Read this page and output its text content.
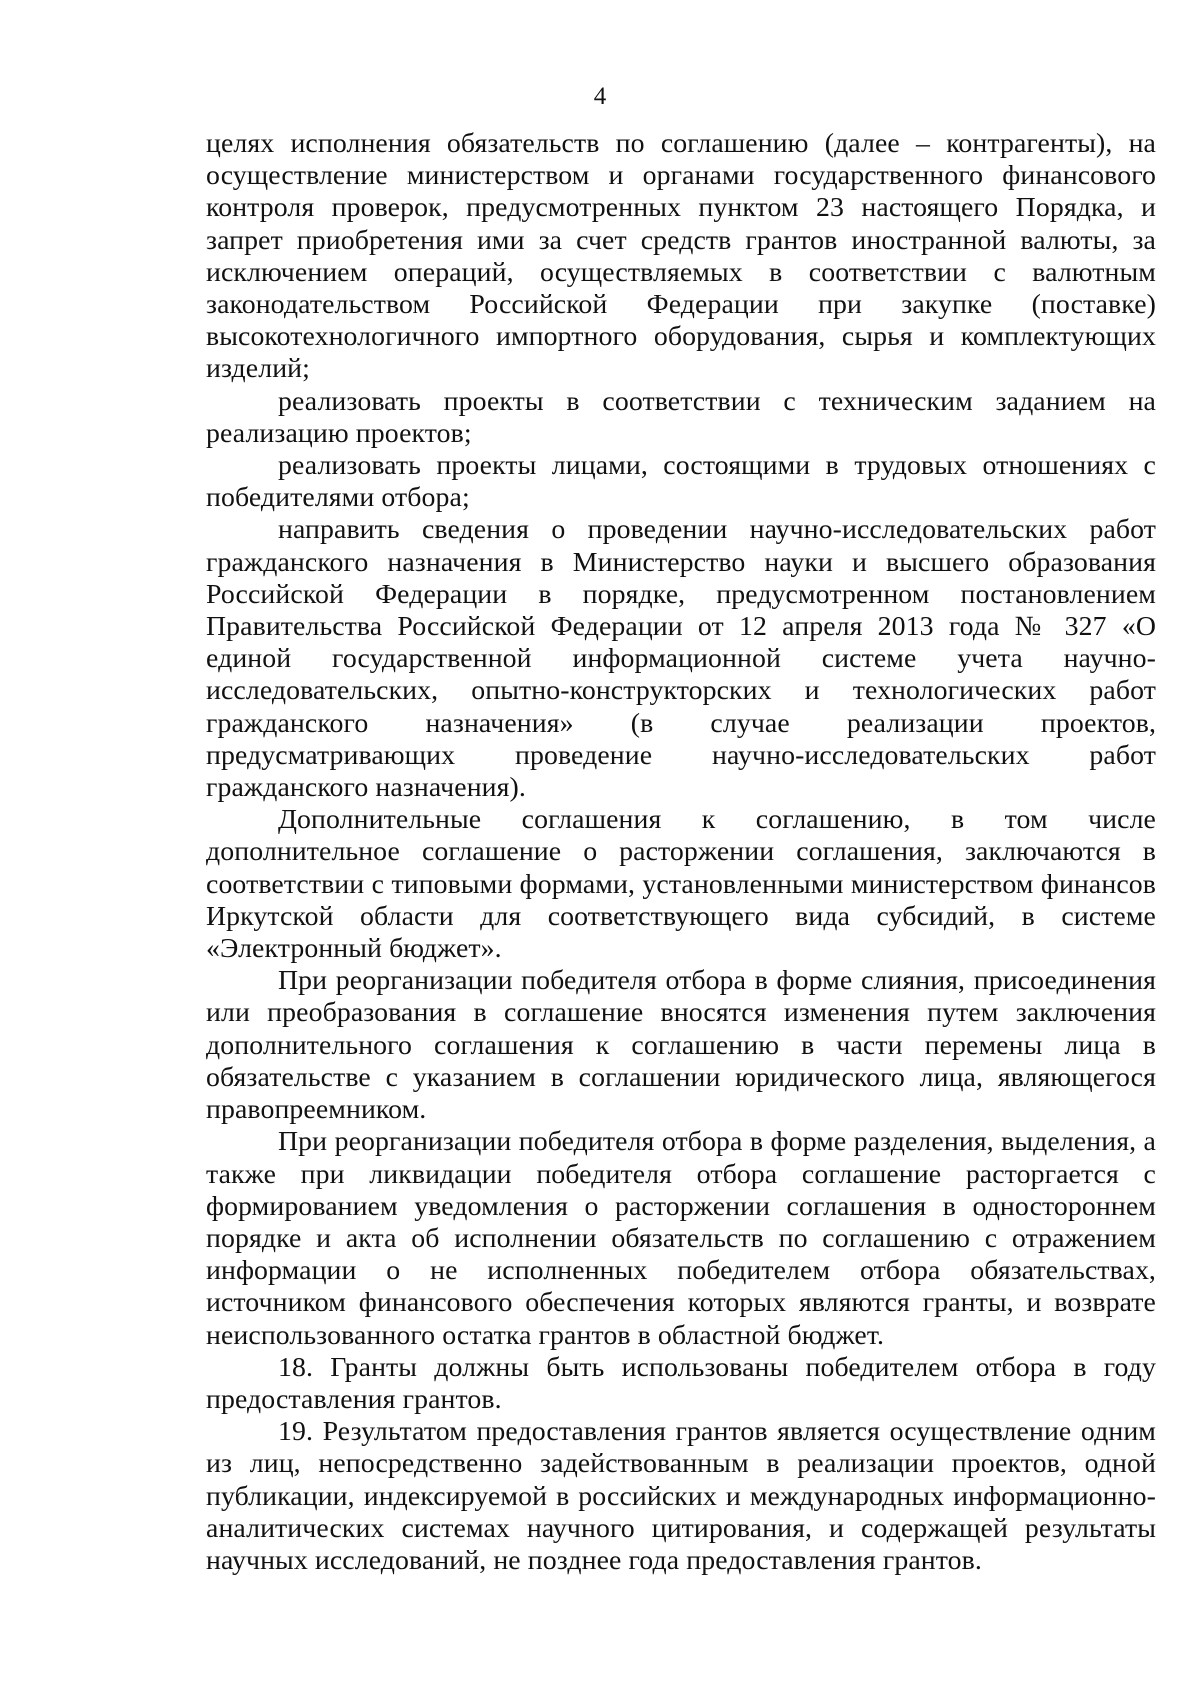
4

целях исполнения обязательств по соглашению (далее – контрагенты), на осуществление министерством и органами государственного финансового контроля проверок, предусмотренных пунктом 23 настоящего Порядка, и запрет приобретения ими за счет средств грантов иностранной валюты, за исключением операций, осуществляемых в соответствии с валютным законодательством Российской Федерации при закупке (поставке) высокотехнологичного импортного оборудования, сырья и комплектующих изделий;

реализовать проекты в соответствии с техническим заданием на реализацию проектов;

реализовать проекты лицами, состоящими в трудовых отношениях с победителями отбора;

направить сведения о проведении научно-исследовательских работ гражданского назначения в Министерство науки и высшего образования Российской Федерации в порядке, предусмотренном постановлением Правительства Российской Федерации от 12 апреля 2013 года № 327 «О единой государственной информационной системе учета научно-исследовательских, опытно-конструкторских и технологических работ гражданского назначения» (в случае реализации проектов, предусматривающих проведение научно-исследовательских работ гражданского назначения).

Дополнительные соглашения к соглашению, в том числе дополнительное соглашение о расторжении соглашения, заключаются в соответствии с типовыми формами, установленными министерством финансов Иркутской области для соответствующего вида субсидий, в системе «Электронный бюджет».

При реорганизации победителя отбора в форме слияния, присоединения или преобразования в соглашение вносятся изменения путем заключения дополнительного соглашения к соглашению в части перемены лица в обязательстве с указанием в соглашении юридического лица, являющегося правопреемником.

При реорганизации победителя отбора в форме разделения, выделения, а также при ликвидации победителя отбора соглашение расторгается с формированием уведомления о расторжении соглашения в одностороннем порядке и акта об исполнении обязательств по соглашению с отражением информации о не исполненных победителем отбора обязательствах, источником финансового обеспечения которых являются гранты, и возврате неиспользованного остатка грантов в областной бюджет.

18. Гранты должны быть использованы победителем отбора в году предоставления грантов.

19. Результатом предоставления грантов является осуществление одним из лиц, непосредственно задействованным в реализации проектов, одной публикации, индексируемой в российских и международных информационно-аналитических системах научного цитирования, и содержащей результаты научных исследований, не позднее года предоставления грантов.
